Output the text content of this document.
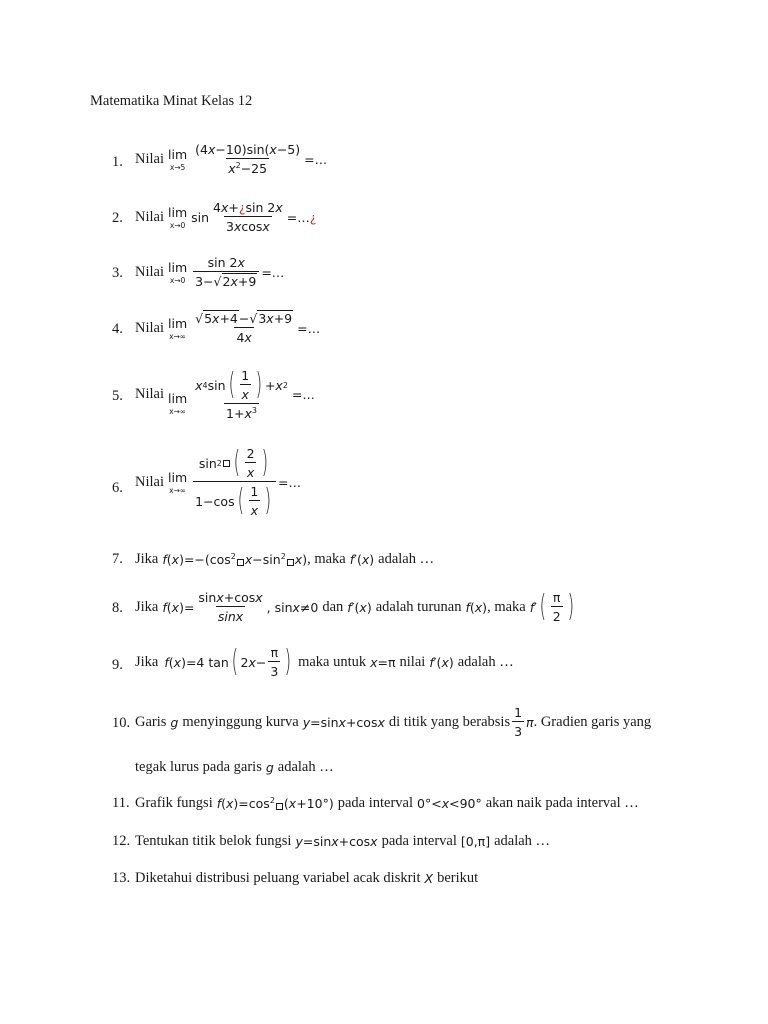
Matematika Minat Kelas 12
1. Nilai lim
$x\to 5 \frac{(4x-10)\sin(x-5)}{x^2-25}$ =…
2. Nilai lim
x→0
$\sin \frac{4x+¿\sin 2x}{3xcosx}$ =…¿
3. Nilai lim
$x\to 0 \frac{\sin 2x}{3-√2x+9}$ =…
4. Nilai lim
$x\to\infty \frac{√5x+4-√3x+9}{4x}$ =…
5. Nilai lim
$x\to\infty \frac{x 4 \sin ( \frac{1}{x} ) + x 2}{1+x^3}$ =…
6. Nilai lim
$x\to\infty \frac{\sin 2 ( \frac{2}{x} )}{1-\cos ( \frac{1}{x} )}$ =…
7. Jika $f(x)=-(\cos^2$ $x-\sin^2$ x) , maka f′(x) adalah …
8. Jika $f(x)= \frac{\sin x+\cos x}{\sin x}$ , sinx≠0 dan f′(x) adalah turunan f(x) , maka f ′ ( $\frac{\pi}{2}$ )
9. Jika f ( x )=4 tan ( 2 $x - \frac{\pi}{3}$ ) maka untuk x=π nilai f′(x) adalah …
10. Garis g menyinggung kurva y=sinx+cosx di titik yang berabsis $\frac{1}{3}$ π . Gradien garis yang
tegak lurus pada garis g adalah …
11. Grafik fungsi $f(x)=\cos^2$ (x+10°) pada interval 0°<x<90° akan naik pada interval …
12. Tentukan titik belok fungsi y=sinx+cosx pada interval [0,π] adalah …
13. Diketahui distribusi peluang variabel acak diskrit X berikut
